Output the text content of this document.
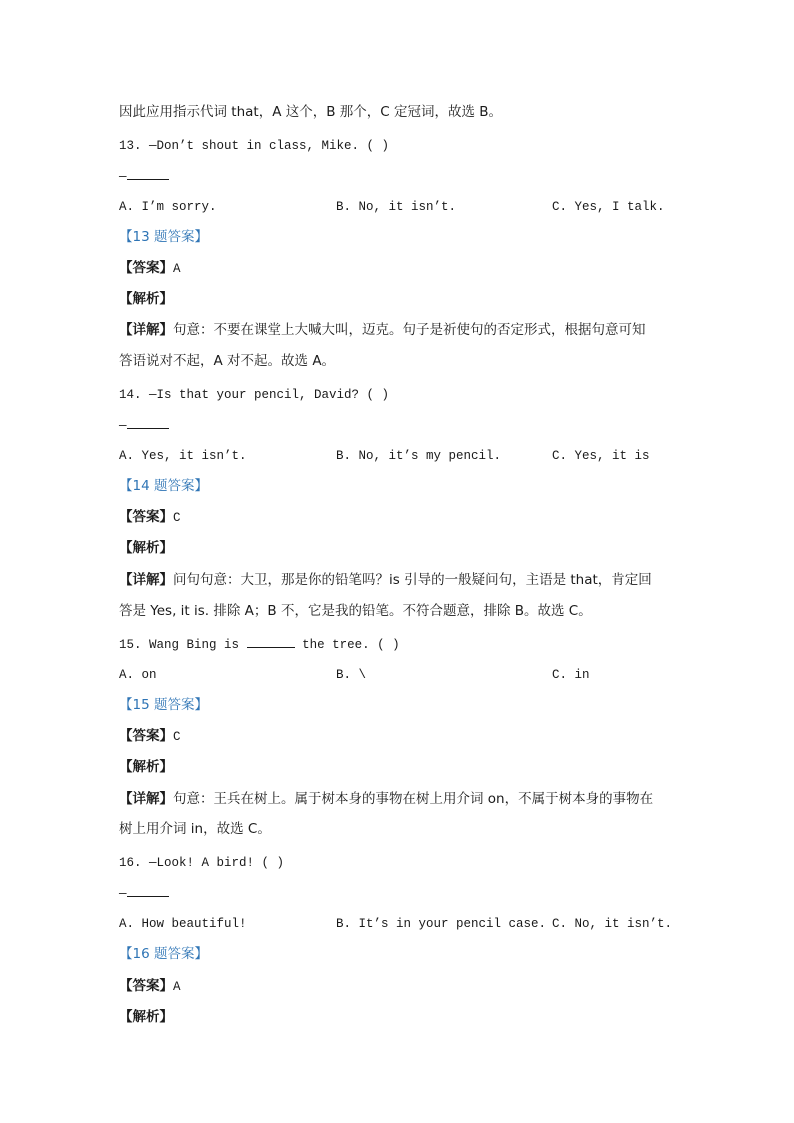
因此应用指示代词 that，A 这个，B 那个，C 定冠词，故选 B。
13. —Don’t shout in class, Mike. ( )
—
A. I’m sorry.	B. No, it isn’t.	C. Yes, I talk.
【13 题答案】
【答案】A
【解析】
【详解】句意：不要在课堂上大喊大叫，迈克。句子是祈使句的否定形式，根据句意可知
答语说对不起，A 对不起。故选 A。
14. —Is that your pencil, David? ( )
—
A. Yes, it isn’t.	B. No, it’s my pencil.	C. Yes, it is
【14 题答案】
【答案】C
【解析】
【详解】问句句意：大卫，那是你的铅笔吗？is 引导的一般疑问句，主语是 that，肯定回
答是 Yes, it is. 排除 A；B 不，它是我的铅笔。不符合题意，排除 B。故选 C。
15. Wang Bing is	the tree. ( )
A. on	B. \	C. in
【15 题答案】
【答案】C
【解析】
【详解】句意：王兵在树上。属于树本身的事物在树上用介词 on，不属于树本身的事物在
树上用介词 in，故选 C。
16. —Look! A bird! ( )
—
A. How beautiful!	B. It’s in your pencil case. C. No, it isn’t.
【16 题答案】
【答案】A
【解析】
